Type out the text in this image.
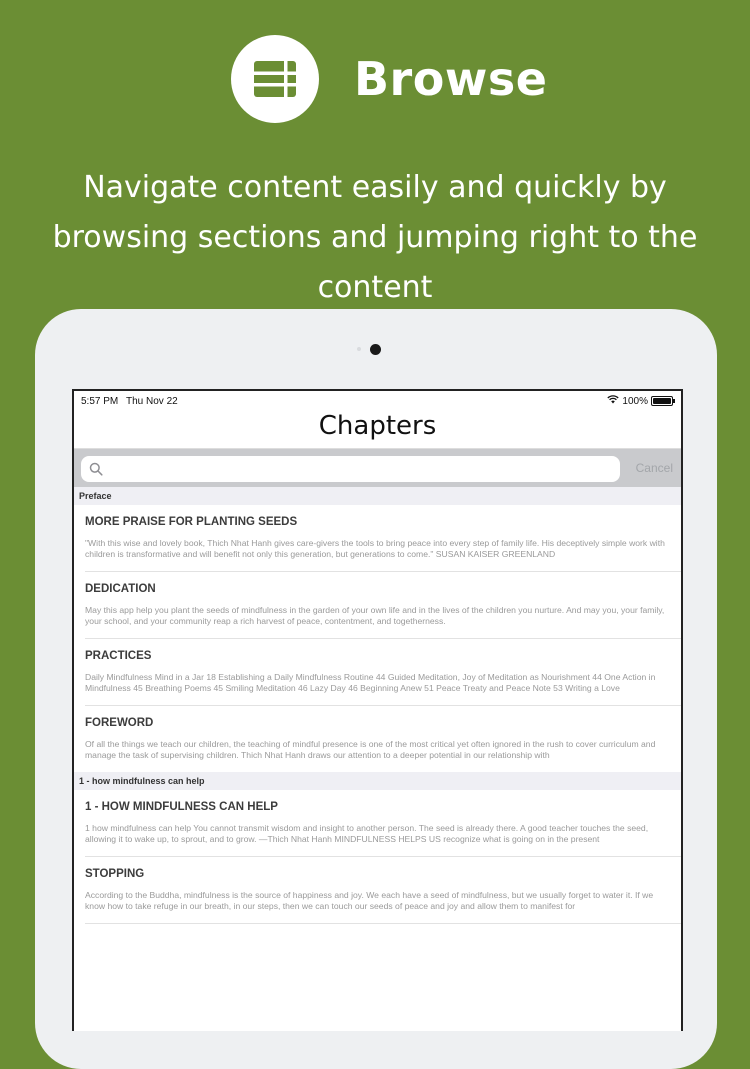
Browse
Navigate content easily and quickly by browsing sections and jumping right to the content
5:57 PM Thu Nov 22	100%
Chapters
Cancel
Preface
MORE PRAISE FOR PLANTING SEEDS
"With this wise and lovely book, Thich Nhat Hanh gives care-givers the tools to bring peace into every step of family life. His deceptively simple work with children is transformative and will benefit not only this generation, but generations to come." SUSAN KAISER GREENLAND
DEDICATION
May this app help you plant the seeds of mindfulness in the garden of your own life and in the lives of the children you nurture. And may you, your family, your school, and your community reap a rich harvest of peace, contentment, and togetherness.
PRACTICES
Daily Mindfulness Mind in a Jar 18 Establishing a Daily Mindfulness Routine 44 Guided Meditation, Joy of Meditation as Nourishment 44 One Action in Mindfulness 45 Breathing Poems 45 Smiling Meditation 46 Lazy Day 46 Beginning Anew 51 Peace Treaty and Peace Note 53 Writing a Love
FOREWORD
Of all the things we teach our children, the teaching of mindful presence is one of the most critical yet often ignored in the rush to cover curriculum and manage the task of supervising children. Thich Nhat Hanh draws our attention to a deeper potential in our relationship with
1 - how mindfulness can help
1 - HOW MINDFULNESS CAN HELP
1 how mindfulness can help You cannot transmit wisdom and insight to another person. The seed is already there. A good teacher touches the seed, allowing it to wake up, to sprout, and to grow. —Thich Nhat Hanh MINDFULNESS HELPS US recognize what is going on in the present
STOPPING
According to the Buddha, mindfulness is the source of happiness and joy. We each have a seed of mindfulness, but we usually forget to water it. If we know how to take refuge in our breath, in our steps, then we can touch our seeds of peace and joy and allow them to manifest for
